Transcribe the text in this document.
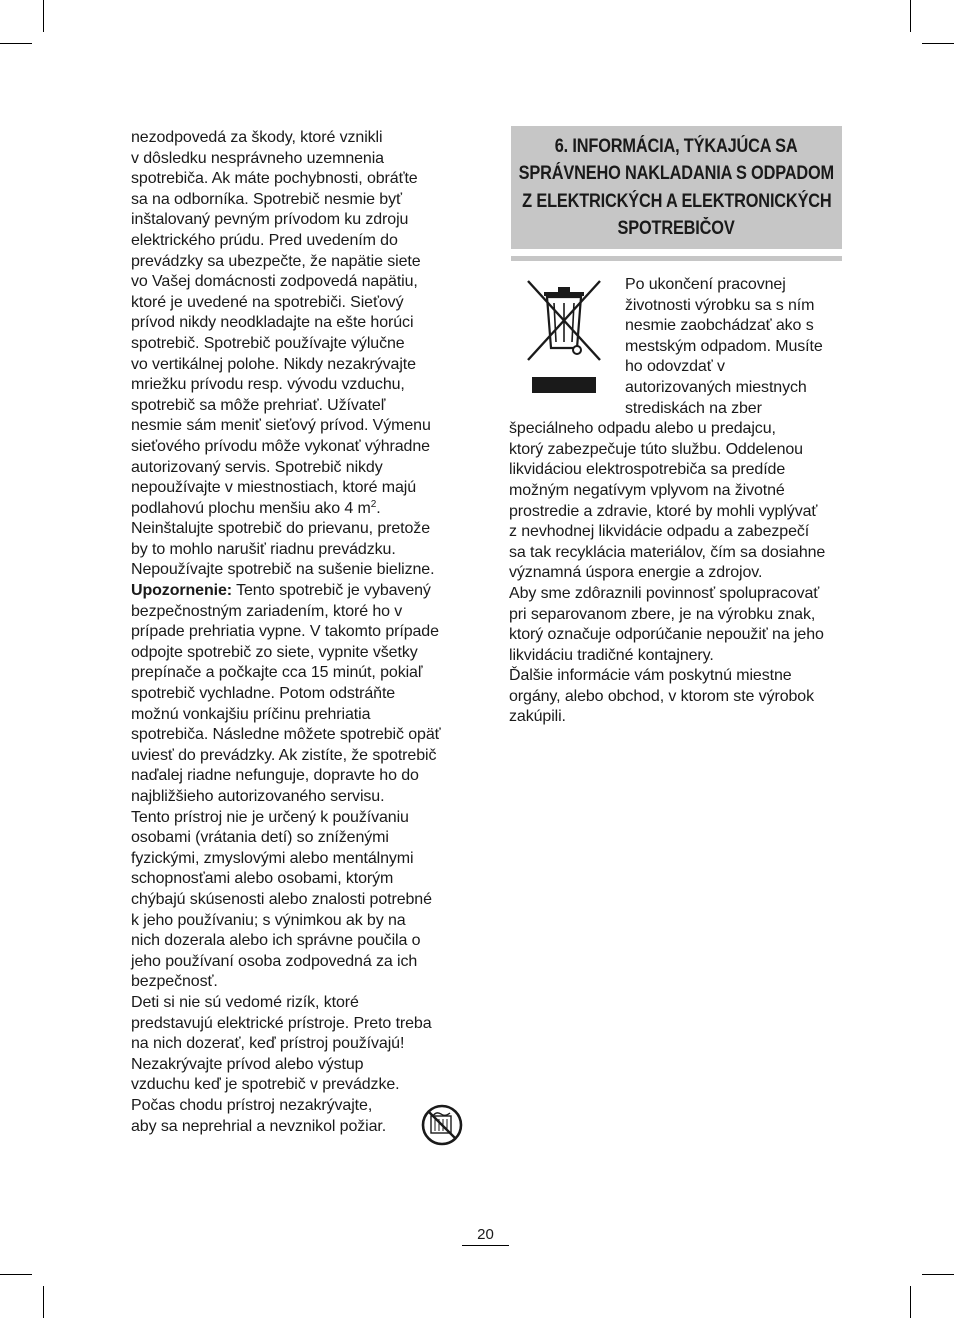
nezodpovedá za škody, ktoré vznikli
v dôsledku nesprávneho uzemnenia
spotrebiča. Ak máte pochybnosti, obráťte
sa na odborníka. Spotrebič nesmie byť
inštalovaný pevným prívodom ku zdroju
elektrického prúdu. Pred uvedením do
prevádzky sa ubezpečte, že napätie siete
vo Vašej domácnosti zodpovedá napätiu,
ktoré je uvedené na spotrebiči. Sieťový
prívod nikdy neodkladajte na ešte horúci
spotrebič. Spotrebič používajte výlučne
vo vertikálnej polohe. Nikdy nezakrývajte
mriežku prívodu resp. vývodu vzduchu,
spotrebič sa môže prehriať. Užívateľ
nesmie sám meniť sieťový prívod. Výmenu
sieťového prívodu môže vykonať výhradne
autorizovaný servis. Spotrebič nikdy
nepoužívajte v miestnostiach, ktoré majú
podlahovú plochu menšiu ako 4 $m^2$.
Neinštalujte spotrebič do prievanu, pretože
by to mohlo narušiť riadnu prevádzku.
Nepoužívajte spotrebič na sušenie bielizne.
Upozornenie: Tento spotrebič je vybavený
bezpečnostným zariadením, ktoré ho v
prípade prehriatia vypne. V takomto prípade
odpojte spotrebič zo siete, vypnite všetky
prepínače a počkajte cca 15 minút, pokiaľ
spotrebič vychladne. Potom odstráňte
možnú vonkajšiu príčinu prehriatia
spotrebiča. Následne môžete spotrebič opäť
uviesť do prevádzky. Ak zistíte, že spotrebič
naďalej riadne nefunguje, dopravte ho do
najbližšieho autorizovaného servisu.
Tento prístroj nie je určený k používaniu
osobami (vrátania detí) so zníženými
fyzickými, zmyslovými alebo mentálnymi
schopnosťami alebo osobami, ktorým
chýbajú skúsenosti alebo znalosti potrebné
k jeho používaniu; s výnimkou ak by na
nich dozerala alebo ich správne poučila o
jeho používaní osoba zodpovedná za ich
bezpečnosť.
Deti si nie sú vedomé rizík, ktoré
predstavujú elektrické prístroje. Preto treba
na nich dozerať, keď prístroj používajú!
Nezakrývajte prívod alebo výstup
vzduchu keď je spotrebič v prevádzke.
Počas chodu prístroj nezakrývajte,
aby sa neprehrial a nevznikol požiar.
6. INFORMÁCIA, TÝKAJÚCA SA
SPRÁVNEHO NAKLADANIA S ODPADOM
Z ELEKTRICKÝCH A ELEKTRONICKÝCH
SPOTREBIČOV
Po ukončení pracovnej
životnosti výrobku sa s ním
nesmie zaobchádzať ako s
mestským odpadom. Musíte
ho odovzdať v
autorizovaných miestnych
strediskách na zber
špeciálneho odpadu alebo u predajcu,
ktorý zabezpečuje túto službu. Oddelenou
likvidáciou elektrospotrebiča sa predíde
možným negatívym vplyvom na životné
prostredie a zdravie, ktoré by mohli vyplývať
z nevhodnej likvidácie odpadu a zabezpečí
sa tak recyklácia materiálov, čím sa dosiahne
významná úspora energie a zdrojov.
Aby sme zdôraznili povinnosť spolupracovať
pri separovanom zbere, je na výrobku znak,
ktorý označuje odporúčanie nepoužiť na jeho
likvidáciu tradičné kontajnery.
Ďalšie informácie vám poskytnú miestne
orgány, alebo obchod, v ktorom ste výrobok
zakúpili.
20
